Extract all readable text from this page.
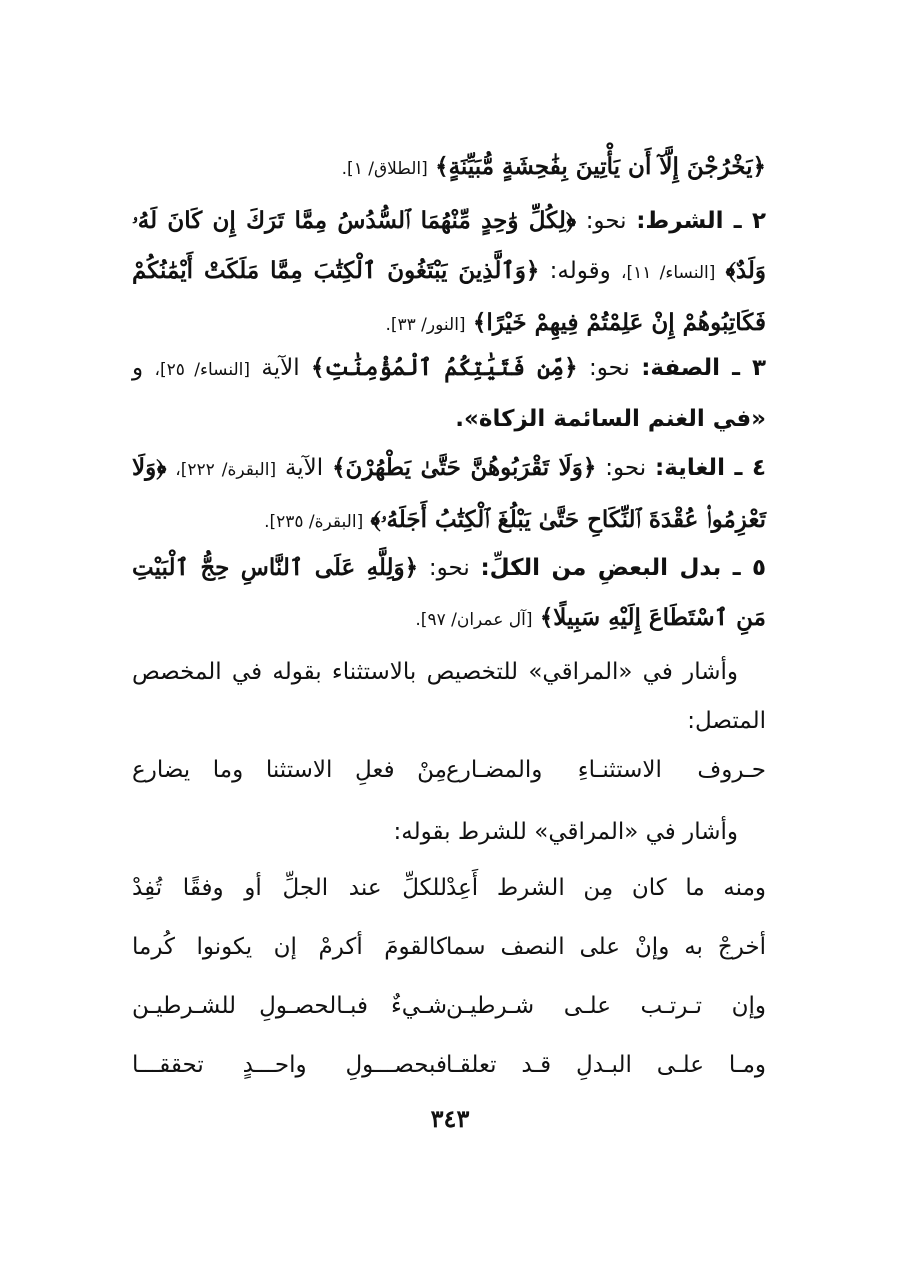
﴿يَخْرُجْنَ إِلَّآ أَن يَأْتِينَ بِفَٰحِشَةٍ مُّبَيِّنَةٍ﴾ [الطلاق/ ١].
٢ ـ الشرط: نحو: ﴿لِكُلِّ وَٰحِدٍ مِّنْهُمَا ٱلسُّدُسُ مِمَّا تَرَكَ إِن كَانَ لَهُۥ وَلَدٌ﴾ [النساء/ ١١]، وقوله: ﴿وَٱلَّذِينَ يَبْتَغُونَ ٱلْكِتَٰبَ مِمَّا مَلَكَتْ أَيْمَٰنُكُمْ فَكَاتِبُوهُمْ إِنْ عَلِمْتُمْ فِيهِمْ خَيْرًا﴾ [النور/ ٣٣].
٣ ـ الصفة: نحو: ﴿مِّن فَتَيَٰتِكُمُ ٱلْمُؤْمِنَٰتِ﴾ الآية [النساء/ ٢٥]، و «في الغنم السائمة الزكاة».
٤ ـ الغاية: نحو: ﴿وَلَا تَقْرَبُوهُنَّ حَتَّىٰ يَطْهُرْنَ﴾ الآية [البقرة/ ٢٢٢]، ﴿وَلَا تَعْزِمُوا۟ عُقْدَةَ ٱلنِّكَاحِ حَتَّىٰ يَبْلُغَ ٱلْكِتَٰبُ أَجَلَهُۥ﴾ [البقرة/ ٢٣٥].
٥ ـ بدل البعضِ من الكلِّ: نحو: ﴿وَلِلَّهِ عَلَى ٱلنَّاسِ حِجُّ ٱلْبَيْتِ مَنِ ٱسْتَطَاعَ إِلَيْهِ سَبِيلًا﴾ [آل عمران/ ٩٧].
وأشار في «المراقي» للتخصيص بالاستثناء بقوله في المخصص المتصل:
حـروف الاستثنـاءِ والمضـارع
مِنْ فعلِ الاستثنا وما يضارع
وأشار في «المراقي» للشرط بقوله:
ومنه ما كان مِن الشرط أَعِدْ
للكلِّ عند الجلِّ أو وفقًا تُفِدْ
أخرجْ به وإنْ على النصف سما
كالقومَ أكرمْ إن يكونوا كُرما
وإن تـرتـب علـى شـرطيـن
شـيءٌ فبـالحصـولِ للشـرطيـن
ومـا علـى البـدلِ قـد تعلقـا
فبحصـــولِ واحـــدٍ تحققـــا
٣٤٣
